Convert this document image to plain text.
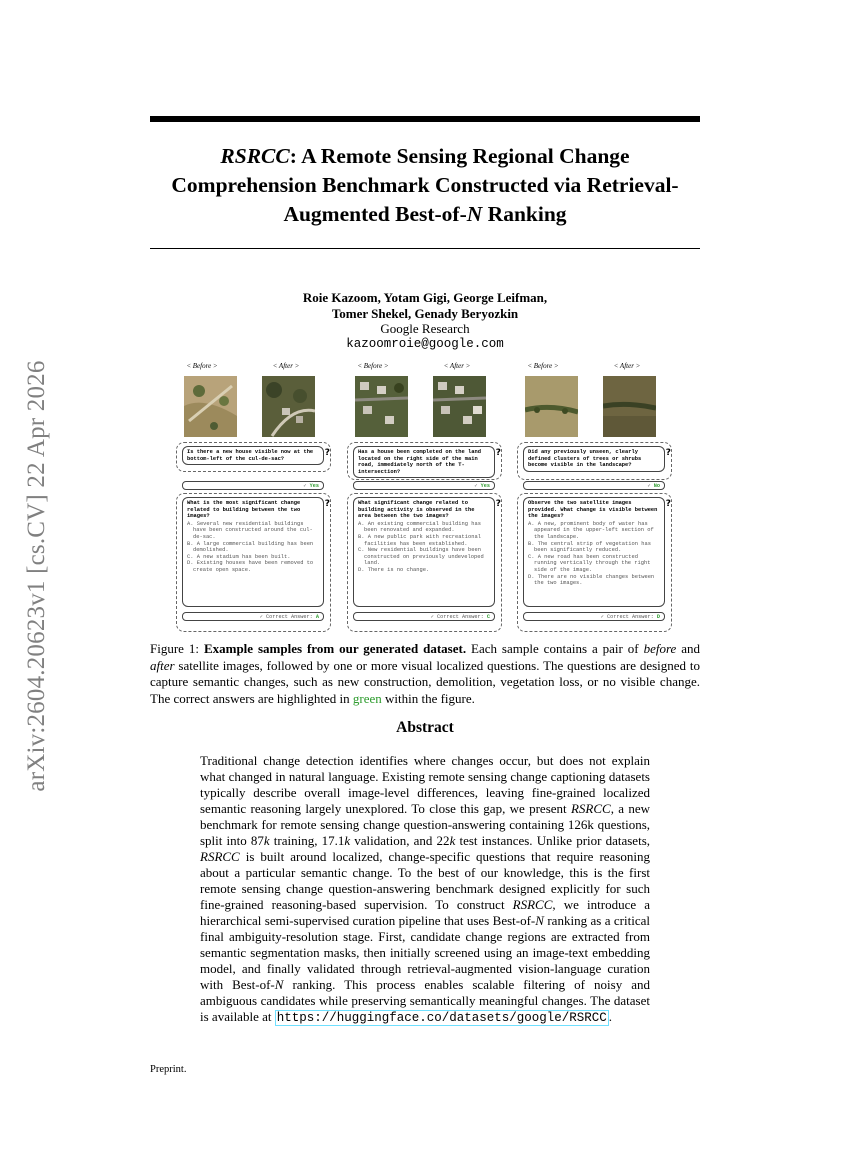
arXiv:2604.20623v1 [cs.CV] 22 Apr 2026
RSRCC: A Remote Sensing Regional Change Comprehension Benchmark Constructed via Retrieval-Augmented Best-of-N Ranking
Roie Kazoom, Yotam Gigi, George Leifman,
Tomer Shekel, Genady Beryozkin
Google Research
kazoomroie@google.com
< Before >	< After >
Is there a new house visible now at the bottom-left of the cul-de-sac?
?
✓ Yes
What is the most significant change related to building between the two images?
A. Several new residential buildings have been constructed around the cul-de-sac.
B. A large commercial building has been demolished.
C. A new stadium has been built.
D. Existing houses have been removed to create open space.
?
✓ Correct Answer: A
< Before >	< After >
Has a house been completed on the land located on the right side of the main road, immediately north of the T-intersection?
?
✓ Yes
What significant change related to building activity is observed in the area between the two images?
A. An existing commercial building has been renovated and expanded.
B. A new public park with recreational facilities has been established.
C. New residential buildings have been constructed on previously undeveloped land.
D. There is no change.
?
✓ Correct Answer: C
< Before >	< After >
Did any previously unseen, clearly defined clusters of trees or shrubs become visible in the landscape?
?
✓ No
Observe the two satellite images provided. What change is visible between the images?
A. A new, prominent body of water has appeared in the upper-left section of the landscape.
B. The central strip of vegetation has been significantly reduced.
C. A new road has been constructed running vertically through the right side of the image.
D. There are no visible changes between the two images.
?
✓ Correct Answer: D
Figure 1: Example samples from our generated dataset. Each sample contains a pair of before and after satellite images, followed by one or more visual localized questions. The questions are designed to capture semantic changes, such as new construction, demolition, vegetation loss, or no visible change. The correct answers are highlighted in green within the figure.
Abstract
Traditional change detection identifies where changes occur, but does not explain what changed in natural language. Existing remote sensing change captioning datasets typically describe overall image-level differences, leaving fine-grained localized semantic reasoning largely unexplored. To close this gap, we present RSRCC, a new benchmark for remote sensing change question-answering containing 126k questions, split into 87k training, 17.1k validation, and 22k test instances. Unlike prior datasets, RSRCC is built around localized, change-specific questions that require reasoning about a particular semantic change. To the best of our knowledge, this is the first remote sensing change question-answering benchmark designed explicitly for such fine-grained reasoning-based supervision. To construct RSRCC, we introduce a hierarchical semi-supervised curation pipeline that uses Best-of-N ranking as a critical final ambiguity-resolution stage. First, candidate change regions are extracted from semantic segmentation masks, then initially screened using an image-text embedding model, and finally validated through retrieval-augmented vision-language curation with Best-of-N ranking. This process enables scalable filtering of noisy and ambiguous candidates while preserving semantically meaningful changes. The dataset is available at https://huggingface.co/datasets/google/RSRCC .
Preprint.
